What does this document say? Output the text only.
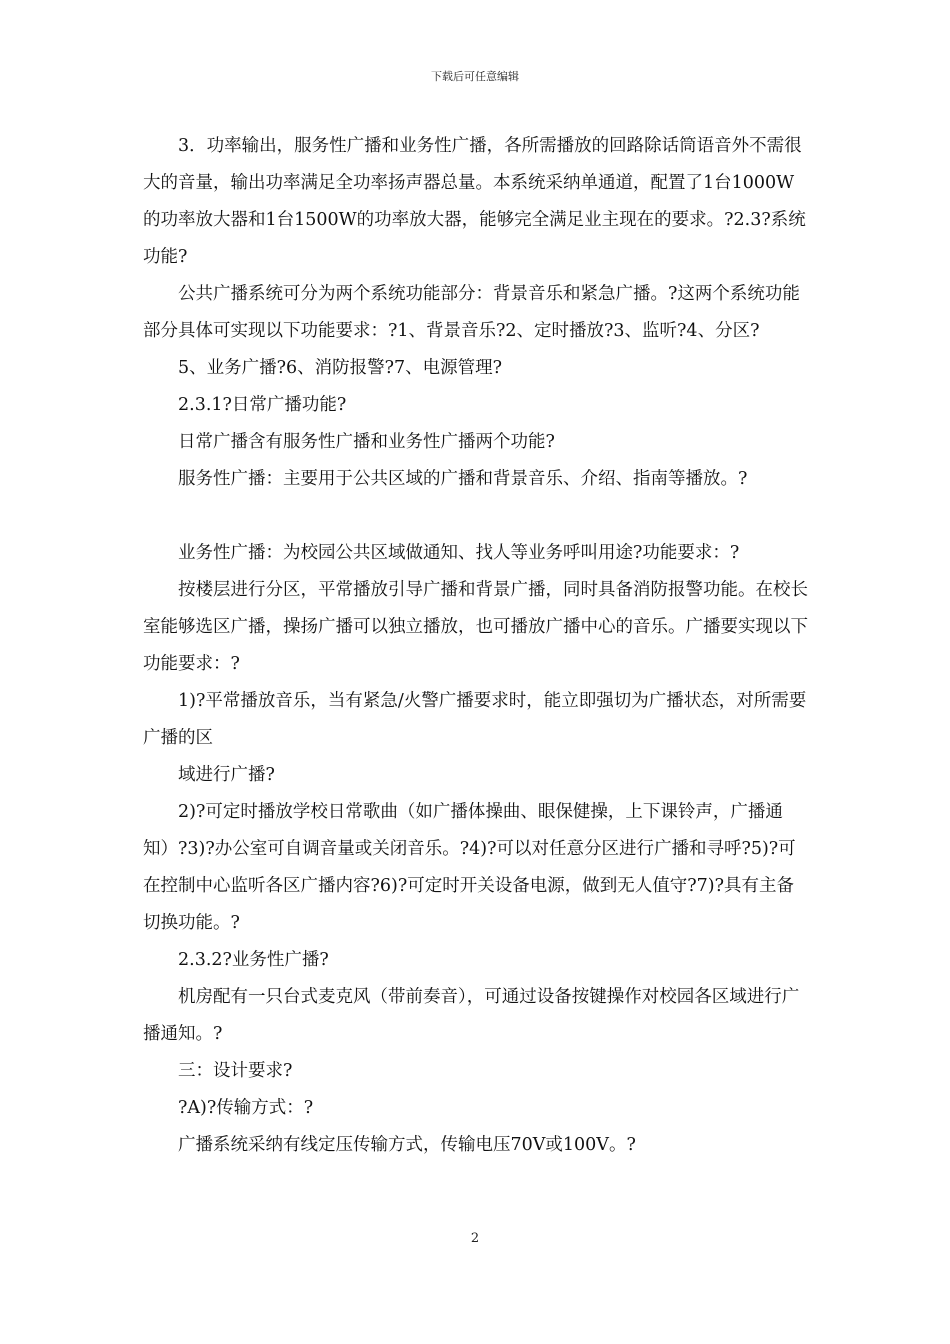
下载后可任意编辑

3．功率输出，服务性广播和业务性广播，各所需播放的回路除话筒语音外不需很大的音量，输出功率满足全功率扬声器总量。本系统采纳单通道，配置了1台1000W的功率放大器和1台1500W的功率放大器，能够完全满足业主现在的要求。?2.3?系统功能?

公共广播系统可分为两个系统功能部分：背景音乐和紧急广播。?这两个系统功能部分具体可实现以下功能要求：?1、背景音乐?2、定时播放?3、监听?4、分区?

5、业务广播?6、消防报警?7、电源管理?

2.3.1?日常广播功能?

日常广播含有服务性广播和业务性广播两个功能?

服务性广播：主要用于公共区域的广播和背景音乐、介绍、指南等播放。?

业务性广播：为校园公共区域做通知、找人等业务呼叫用途?功能要求：?

按楼层进行分区，平常播放引导广播和背景广播，同时具备消防报警功能。在校长室能够选区广播，操扬广播可以独立播放，也可播放广播中心的音乐。广播要实现以下功能要求：?

1)?平常播放音乐，当有紧急/火警广播要求时，能立即强切为广播状态，对所需要广播的区

域进行广播?

2)?可定时播放学校日常歌曲（如广播体操曲、眼保健操，上下课铃声，广播通知）?3)?办公室可自调音量或关闭音乐。?4)?可以对任意分区进行广播和寻呼?5)?可在控制中心监听各区广播内容?6)?可定时开关设备电源，做到无人值守?7)?具有主备切换功能。?

2.3.2?业务性广播?

机房配有一只台式麦克风（带前奏音），可通过设备按键操作对校园各区域进行广播通知。?

三：设计要求?

?A)?传输方式：?

广播系统采纳有线定压传输方式，传输电压70V或100V。?

2
